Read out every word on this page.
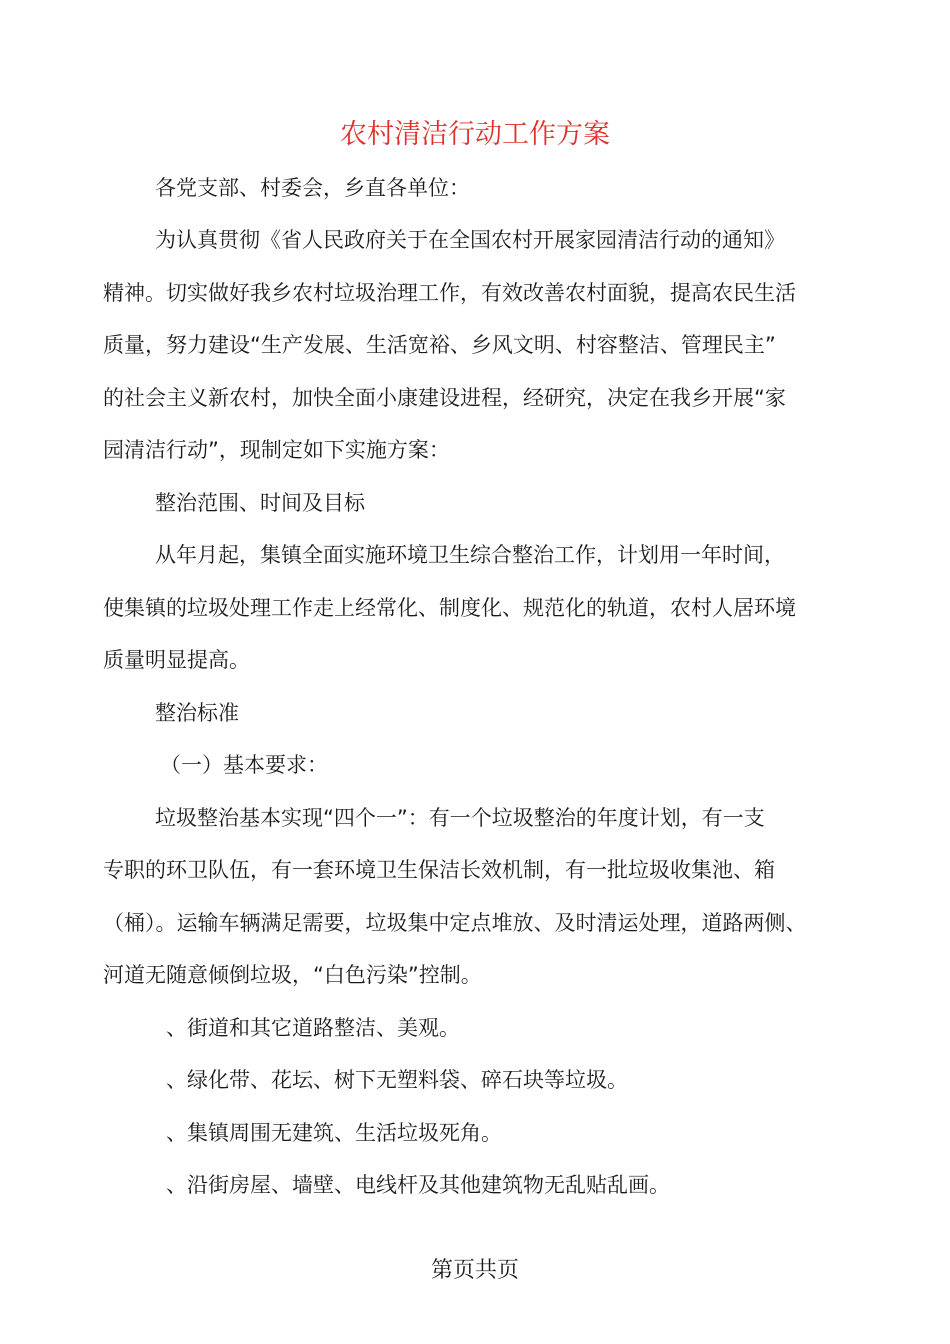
农村清洁行动工作方案
各党支部、村委会，乡直各单位：
为认真贯彻《省人民政府关于在全国农村开展家园清洁行动的通知》
精神。切实做好我乡农村垃圾治理工作，有效改善农村面貌，提高农民生活
质量，努力建设“生产发展、生活宽裕、乡风文明、村容整洁、管理民主”
的社会主义新农村，加快全面小康建设进程，经研究，决定在我乡开展“家
园清洁行动”，现制定如下实施方案：
整治范围、时间及目标
从年月起，集镇全面实施环境卫生综合整治工作，计划用一年时间，
使集镇的垃圾处理工作走上经常化、制度化、规范化的轨道，农村人居环境
质量明显提高。
整治标准
（一）基本要求：
垃圾整治基本实现“四个一”：有一个垃圾整治的年度计划，有一支
专职的环卫队伍，有一套环境卫生保洁长效机制，有一批垃圾收集池、箱
（桶）。运输车辆满足需要，垃圾集中定点堆放、及时清运处理，道路两侧、
河道无随意倾倒垃圾，“白色污染”控制。
、街道和其它道路整洁、美观。
、绿化带、花坛、树下无塑料袋、碎石块等垃圾。
、集镇周围无建筑、生活垃圾死角。
、沿街房屋、墙壁、电线杆及其他建筑物无乱贴乱画。
第页共页
